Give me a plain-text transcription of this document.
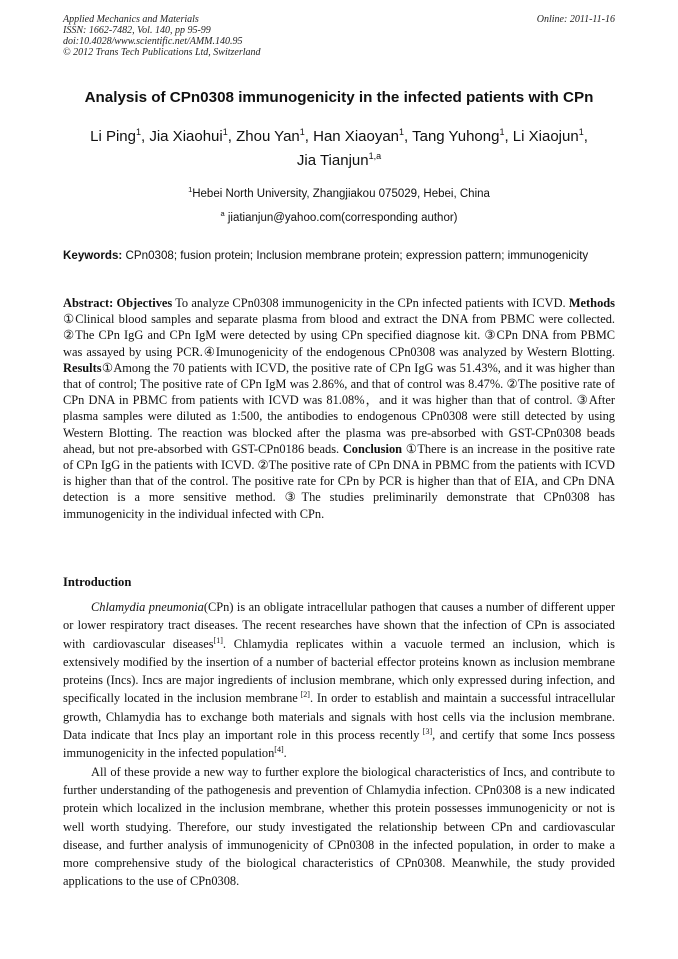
Applied Mechanics and Materials
ISSN: 1662-7482, Vol. 140, pp 95-99
doi:10.4028/www.scientific.net/AMM.140.95
© 2012 Trans Tech Publications Ltd, Switzerland
Online: 2011-11-16
Analysis of CPn0308 immunogenicity in the infected patients with CPn
Li Ping$^1$, Jia Xiaohui$^1$, Zhou Yan$^1$, Han Xiaoyan$^1$, Tang Yuhong$^1$, Li Xiaojun$^1$,
Jia Tianjun$^{1,a}$
$^1$Hebei North University, Zhangjiakou 075029, Hebei, China
$^a$ jiatianjun@yahoo.com(corresponding author)
Keywords: CPn0308; fusion protein; Inclusion membrane protein; expression pattern; immunogenicity
Abstract: Objectives To analyze CPn0308 immunogenicity in the CPn infected patients with ICVD. Methods ①Clinical blood samples and separate plasma from blood and extract the DNA from PBMC were collected. ②The CPn IgG and CPn IgM were detected by using CPn specified diagnose kit. ③CPn DNA from PBMC was assayed by using PCR.④Imunogenicity of the endogenous CPn0308 was analyzed by Western Blotting. Results①Among the 70 patients with ICVD, the positive rate of CPn IgG was 51.43%, and it was higher than that of control; The positive rate of CPn IgM was 2.86%, and that of control was 8.47%. ②The positive rate of CPn DNA in PBMC from patients with ICVD was 81.08%，and it was higher than that of control. ③After plasma samples were diluted as 1:500, the antibodies to endogenous CPn0308 were still detected by using Western Blotting. The reaction was blocked after the plasma was pre-absorbed with GST-CPn0308 beads ahead, but not pre-absorbed with GST-CPn0186 beads. Conclusion ①There is an increase in the positive rate of CPn IgG in the patients with ICVD. ②The positive rate of CPn DNA in PBMC from the patients with ICVD is higher than that of the control. The positive rate for CPn by PCR is higher than that of EIA, and CPn DNA detection is a more sensitive method. ③The studies preliminarily demonstrate that CPn0308 has immunogenicity in the individual infected with CPn.
Introduction

Chlamydia pneumonia(CPn) is an obligate intracellular pathogen that causes a number of different upper or lower respiratory tract diseases. The recent researches have shown that the infection of CPn is associated with cardiovascular diseases[1]. Chlamydia replicates within a vacuole termed an inclusion, which is extensively modified by the insertion of a number of bacterial effector proteins known as inclusion membrane proteins (Incs). Incs are major ingredients of inclusion membrane, which only expressed during infection, and specifically located in the inclusion membrane [2]. In order to establish and maintain a successful intracellular growth, Chlamydia has to exchange both materials and signals with host cells via the inclusion membrane. Data indicate that Incs play an important role in this process recently [3], and certify that some Incs possess immunogenicity in the infected population[4].

All of these provide a new way to further explore the biological characteristics of Incs, and contribute to further understanding of the pathogenesis and prevention of Chlamydia infection. CPn0308 is a new indicated protein which localized in the inclusion membrane, whether this protein possesses immunogenicity or not is well worth studying. Therefore, our study investigated the relationship between CPn and cardiovascular disease, and further analysis of immunogenicity of CPn0308 in the infected population, in order to make a more comprehensive study of the biological characteristics of CPn0308. Meanwhile, the study provided applications to the use of CPn0308.
